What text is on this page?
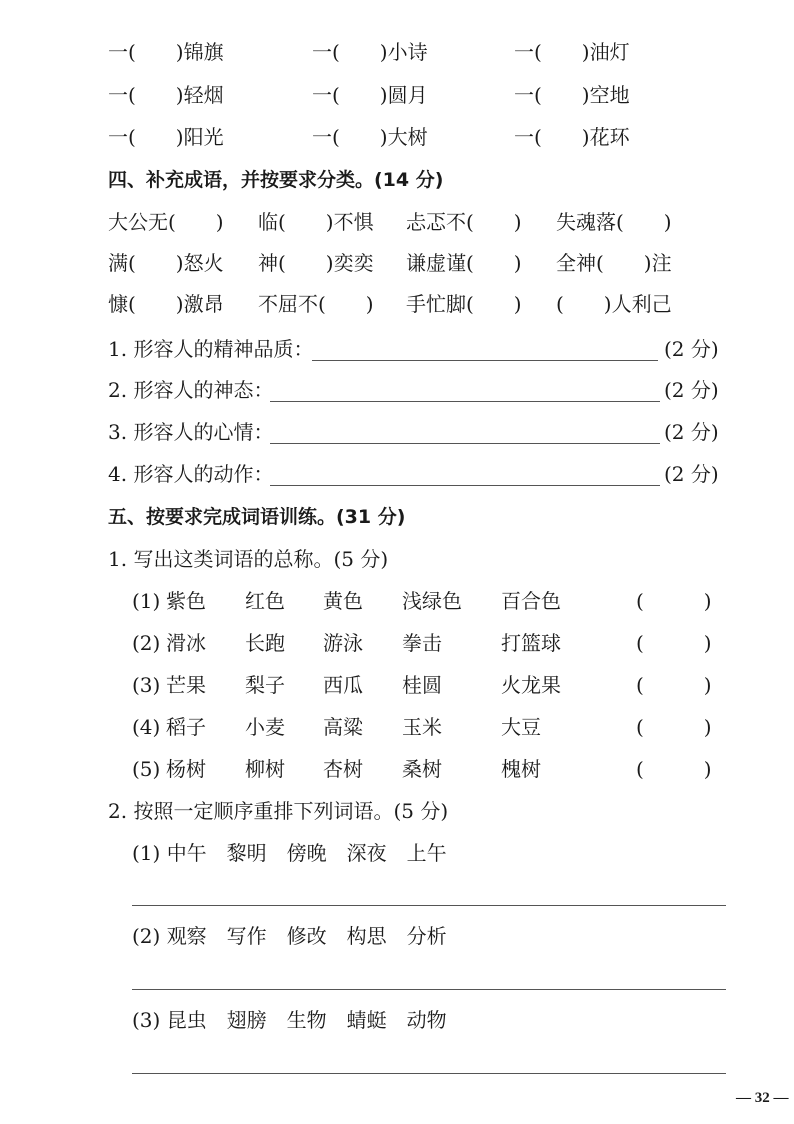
一(　　)锦旗	一(　　)小诗	一(　　)油灯
一(　　)轻烟	一(　　)圆月	一(　　)空地
一(　　)阳光	一(　　)大树	一(　　)花环
四、补充成语，并按要求分类。(14 分)
大公无(　　) 临(　　)不惧 忐忑不(　　) 失魂落(　　)
满(　　)怒火 神(　　)奕奕 谦虚谨(　　) 全神(　　)注
慷(　　)激昂 不屈不(　　) 手忙脚(　　) (　　)人利己
1. 形容人的精神品质：	(2 分)
2. 形容人的神态：	(2 分)
3. 形容人的心情：	(2 分)
4. 形容人的动作：	(2 分)
五、按要求完成词语训练。(31 分)
1. 写出这类词语的总称。(5 分)
(1) 紫色 红色 黄色 浅绿色 百合色	(　　　)
(2) 滑冰 长跑 游泳 拳击	打篮球	(　　　)
(3) 芒果 梨子 西瓜 桂圆	火龙果	(　　　)
(4) 稻子 小麦 高粱 玉米	大豆	(　　　)
(5) 杨树 柳树 杏树 桑树	槐树	(　　　)
2. 按照一定顺序重排下列词语。(5 分)
(1) 中午　黎明　傍晚　深夜　上午
(2) 观察　写作　修改　构思　分析
(3) 昆虫　翅膀　生物　蜻蜓　动物
— 32 —
